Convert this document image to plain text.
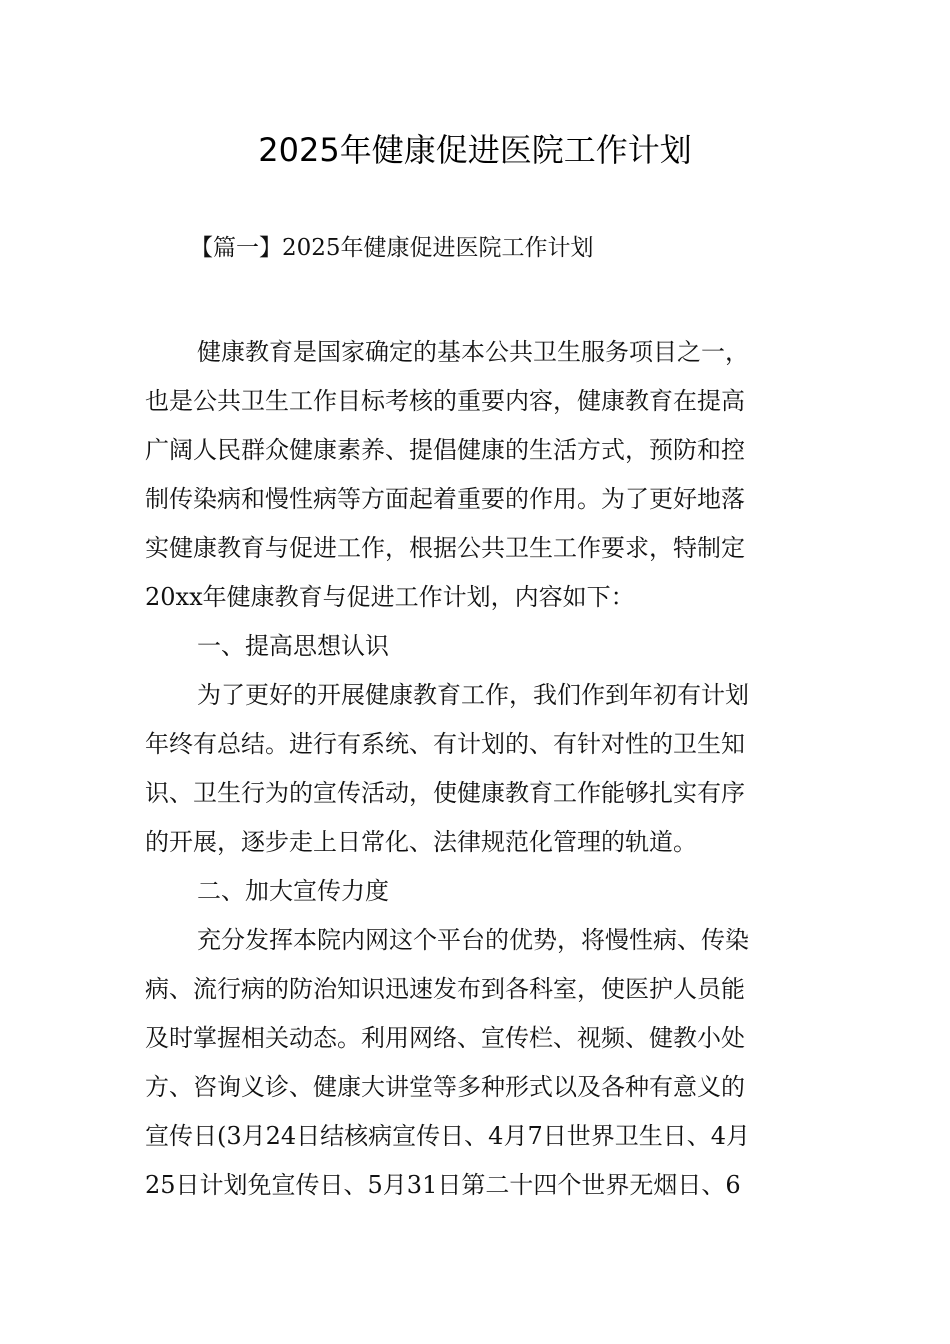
2025年健康促进医院工作计划
【篇一】2025年健康促进医院工作计划
健康教育是国家确定的基本公共卫生服务项目之一，
也是公共卫生工作目标考核的重要内容，健康教育在提高
广阔人民群众健康素养、提倡健康的生活方式，预防和控
制传染病和慢性病等方面起着重要的作用。为了更好地落
实健康教育与促进工作，根据公共卫生工作要求，特制定
20xx年健康教育与促进工作计划，内容如下：
一、提高思想认识
为了更好的开展健康教育工作，我们作到年初有计划
年终有总结。进行有系统、有计划的、有针对性的卫生知
识、卫生行为的宣传活动，使健康教育工作能够扎实有序
的开展，逐步走上日常化、法律规范化管理的轨道。
二、加大宣传力度
充分发挥本院内网这个平台的优势，将慢性病、传染
病、流行病的防治知识迅速发布到各科室，使医护人员能
及时掌握相关动态。利用网络、宣传栏、视频、健教小处
方、咨询义诊、健康大讲堂等多种形式以及各种有意义的
宣传日(3月24日结核病宣传日、4月7日世界卫生日、4月
25日计划免宣传日、5月31日第二十四个世界无烟日、6
